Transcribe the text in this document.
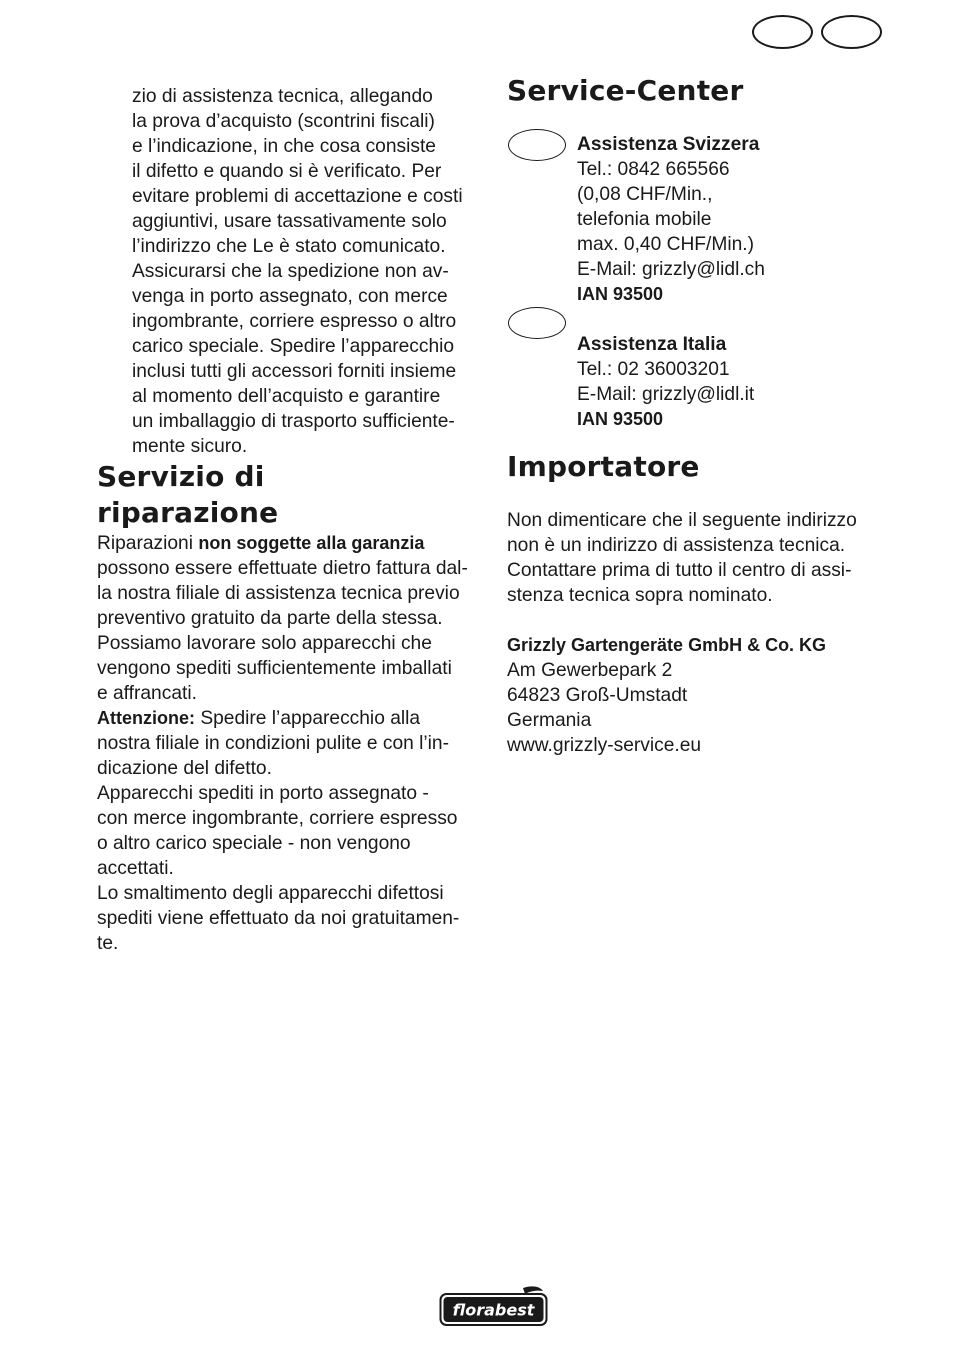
zio di assistenza tecnica, allegando
la prova d’acquisto (scontrini fiscali)
e l’indicazione, in che cosa consiste
il difetto e quando si è verificato. Per
evitare problemi di accettazione e costi
aggiuntivi, usare tassativamente solo
l’indirizzo che Le è stato comunicato.
Assicurarsi che la spedizione non av-
venga in porto assegnato, con merce
ingombrante, corriere espresso o altro
carico speciale. Spedire l’apparecchio
inclusi tutti gli accessori forniti insieme
al momento dell’acquisto e garantire
un imballaggio di trasporto sufficiente-
mente sicuro.
Servizio di
riparazione
Riparazioni non soggette alla garanzia
possono essere effettuate dietro fattura dal-
la nostra filiale di assistenza tecnica previo
preventivo gratuito da parte della stessa.
Possiamo lavorare solo apparecchi che
vengono spediti sufficientemente imballati
e affrancati.
Attenzione: Spedire l’apparecchio alla
nostra filiale in condizioni pulite e con l’in-
dicazione del difetto.
Apparecchi spediti in porto assegnato -
con merce ingombrante, corriere espresso
o altro carico speciale - non vengono
accettati.
Lo smaltimento degli apparecchi difettosi
spediti viene effettuato da noi gratuitamen-
te.
Service-Center

Assistenza Svizzera

Tel.: 0842 665566

(0,08 CHF/Min.,

telefonia mobile

max. 0,40 CHF/Min.)

E-Mail: grizzly@lidl.ch

IAN 93500

Assistenza Italia

Tel.: 02 36003201

E-Mail: grizzly@lidl.it

IAN 93500

Importatore
Non dimenticare che il seguente indirizzo
non è un indirizzo di assistenza tecnica.
Contattare prima di tutto il centro di assi-
stenza tecnica sopra nominato.
Grizzly Gartengeräte GmbH & Co. KG
Am Gewerbepark 2
64823 Groß-Umstadt
Germania
www.grizzly-service.eu
florabest
